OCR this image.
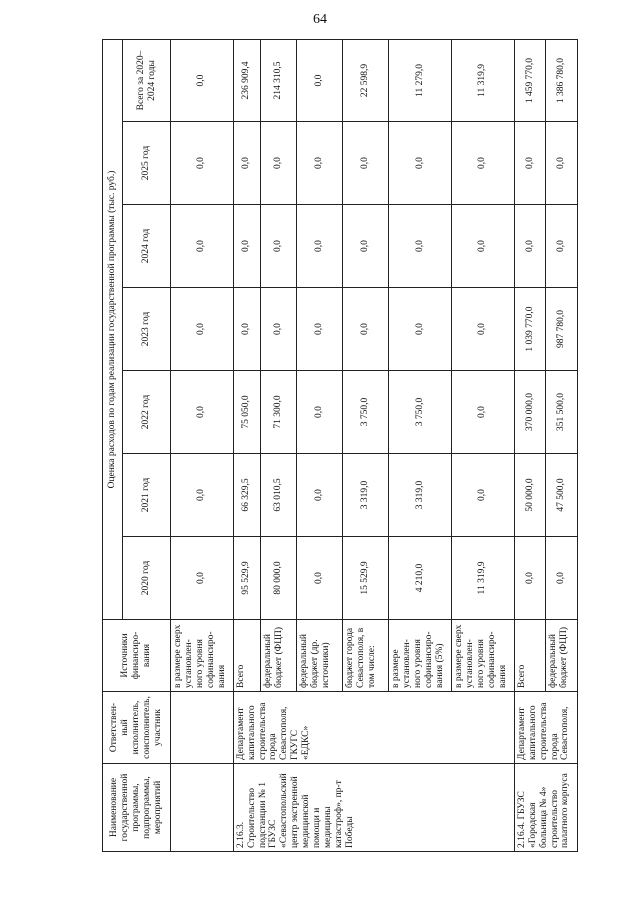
64
Наименование государственной программы, подпрограммы, мероприятий	Ответствен-ный исполнитель, соисполнитель, участник	Источники финансиро-вания	Оценка расходов по годам реализации государственной программы (тыс. руб.)						
			2020 год	2021 год	2022 год	2023 год	2024 год	2025 год	Всего за 2020–2024 годы
		в размере сверх установлен-ного уровня софинансиро-вания	0,0	0,0	0,0	0,0	0,0	0,0	0,0
2.16.3. Строительство подстанции № 1 ГБУЗС «Севастопольский центр экстренной медицинской помощи и медицины катастроф», пр-т Победы	Департамент капитального строительства города Севастополя, ГКУГС «ЕДКС»	Всего	95 529,9	66 329,5	75 050,0	0,0	0,0	0,0	236 909,4
		федеральный бюджет (ФЦП)	80 000,0	63 010,5	71 300,0	0,0	0,0	0,0	214 310,5
		федеральный бюджет (др. источники)	0,0	0,0	0,0	0,0	0,0	0,0	0,0
		бюджет города Севастополя, в том числе:	15 529,9	3 319,0	3 750,0	0,0	0,0	0,0	22 598,9
		в размере установлен-ного уровня софинансиро-вания (5%)	4 210,0	3 319,0	3 750,0	0,0	0,0	0,0	11 279,0
		в размере сверх установлен-ного уровня софинансиро-вания	11 319,9	0,0	0,0	0,0	0,0	0,0	11 319,9
2.16.4. ГБУЗС «Городская больница № 4» строительство палатного корпуса	Департамент капитального строительства города Севастополя,	Всего	0,0	50 000,0	370 000,0	1 039 770,0	0,0	0,0	1 459 770,0
		федеральный бюджет (ФЦП)	0,0	47 500,0	351 500,0	987 780,0	0,0	0,0	1 386 780,0
